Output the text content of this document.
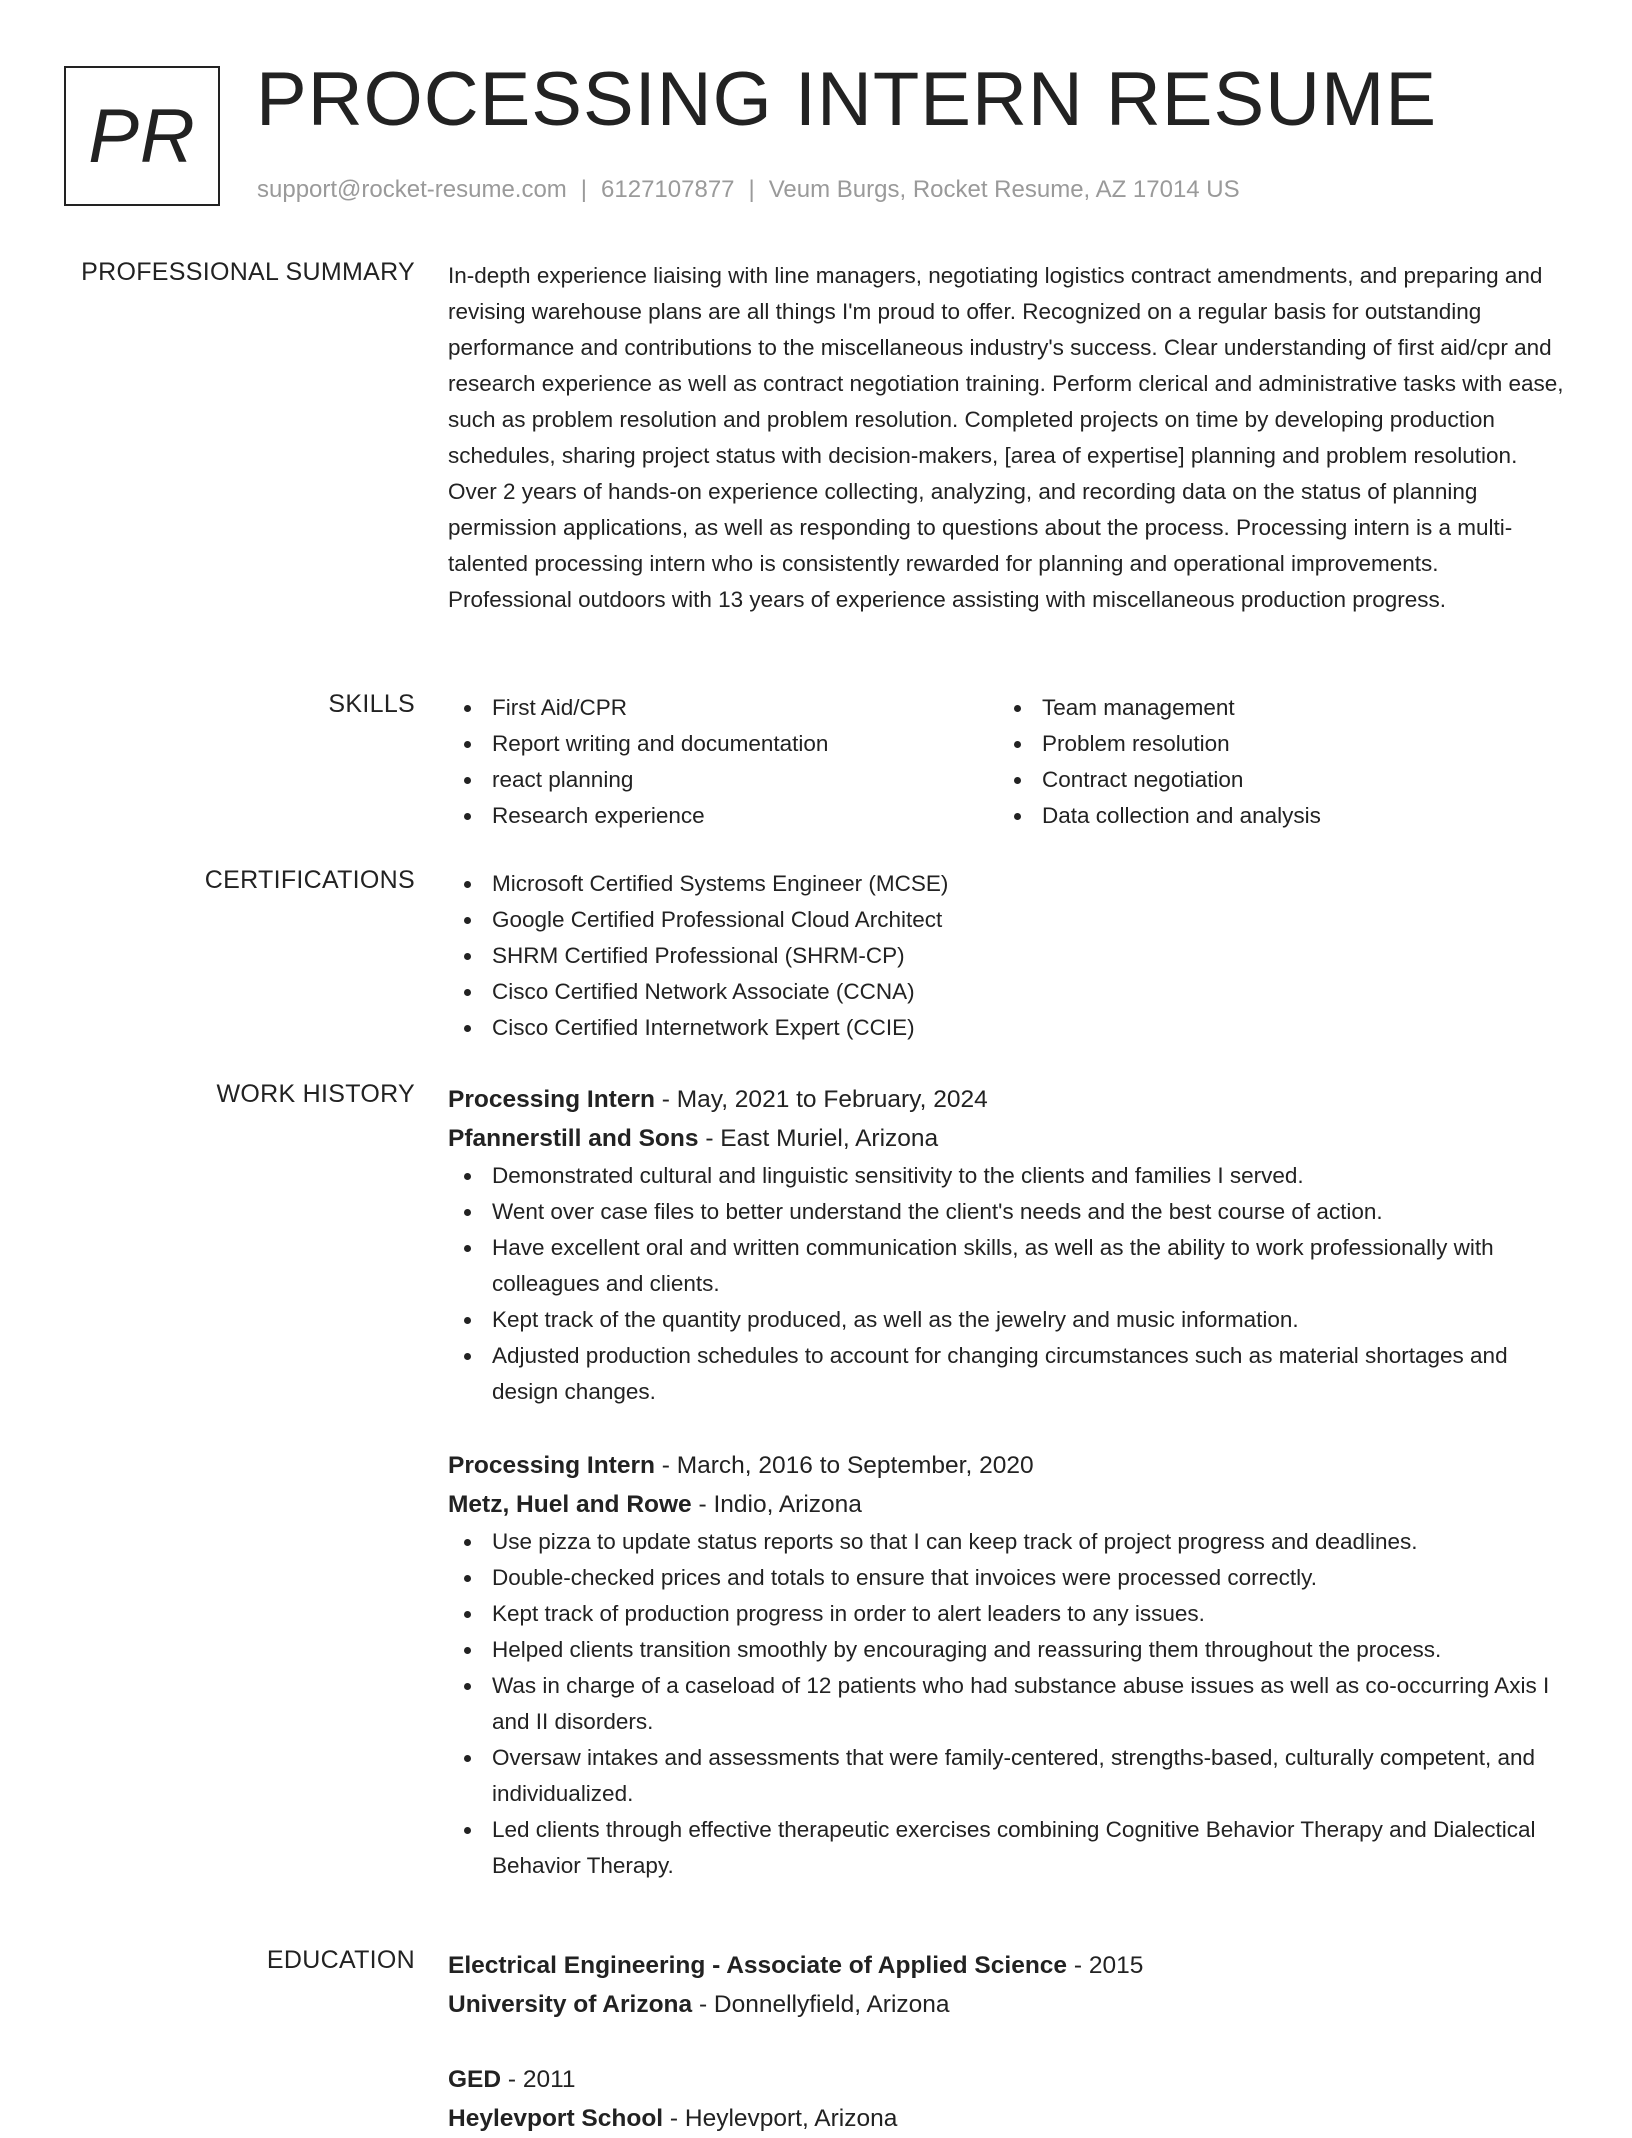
PR PROCESSING INTERN RESUME
support@rocket-resume.com | 6127107877 | Veum Burgs, Rocket Resume, AZ 17014 US
PROFESSIONAL SUMMARY In-depth experience liaising with line managers, negotiating logistics contract amendments, and preparing and revising warehouse plans are all things I'm proud to offer. Recognized on a regular basis for outstanding performance and contributions to the miscellaneous industry's success. Clear understanding of first aid/cpr and research experience as well as contract negotiation training. Perform clerical and administrative tasks with ease, such as problem resolution and problem resolution. Completed projects on time by developing production schedules, sharing project status with decision-makers, [area of expertise] planning and problem resolution. Over 2 years of hands-on experience collecting, analyzing, and recording data on the status of planning permission applications, as well as responding to questions about the process. Processing intern is a multi-talented processing intern who is consistently rewarded for planning and operational improvements. Professional outdoors with 13 years of experience assisting with miscellaneous production progress.

SKILLS	First Aid/CPR	Team management
Report writing and documentation	Problem resolution
react planning	Contract negotiation
Research experience	Data collection and analysis
CERTIFICATIONS	Microsoft Certified Systems Engineer (MCSE)
Google Certified Professional Cloud Architect
SHRM Certified Professional (SHRM-CP)
Cisco Certified Network Associate (CCNA)
Cisco Certified Internetwork Expert (CCIE)
WORK HISTORY Processing Intern - May, 2021 to February, 2024
Pfannerstill and Sons - East Muriel, Arizona
Demonstrated cultural and linguistic sensitivity to the clients and families I served.
Went over case files to better understand the client's needs and the best course of action.
Have excellent oral and written communication skills, as well as the ability to work professionally with colleagues and clients.
Kept track of the quantity produced, as well as the jewelry and music information.
Adjusted production schedules to account for changing circumstances such as material shortages and design changes.
Processing Intern - March, 2016 to September, 2020
Metz, Huel and Rowe - Indio, Arizona
Use pizza to update status reports so that I can keep track of project progress and deadlines.
Double-checked prices and totals to ensure that invoices were processed correctly.
Kept track of production progress in order to alert leaders to any issues.
Helped clients transition smoothly by encouraging and reassuring them throughout the process.
Was in charge of a caseload of 12 patients who had substance abuse issues as well as co-occurring Axis I and II disorders.
Oversaw intakes and assessments that were family-centered, strengths-based, culturally competent, and individualized.
Led clients through effective therapeutic exercises combining Cognitive Behavior Therapy and Dialectical Behavior Therapy.
EDUCATION Electrical Engineering - Associate of Applied Science - 2015
University of Arizona - Donnellyfield, Arizona
GED - 2011
Heylevport School - Heylevport, Arizona
